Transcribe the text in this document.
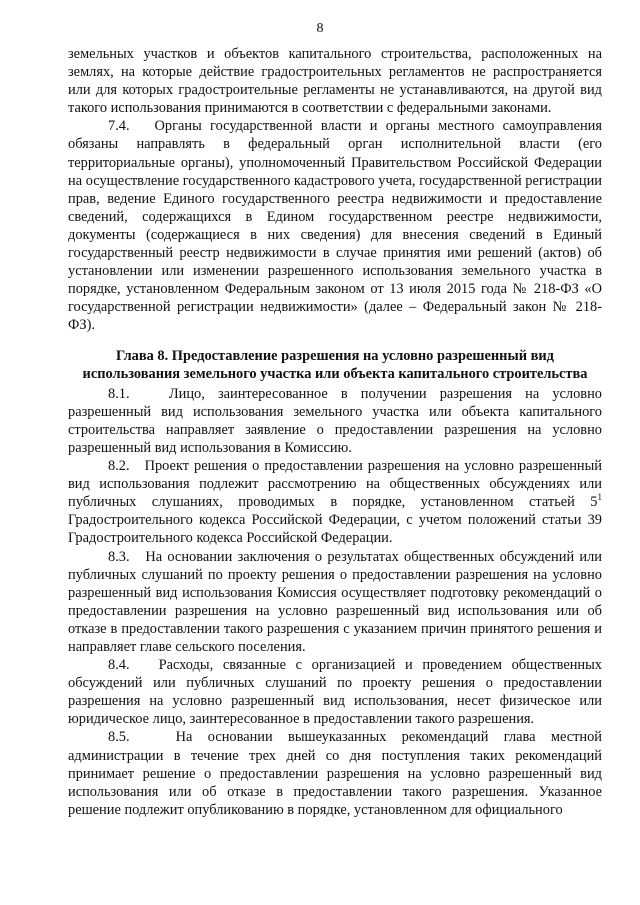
8

земельных участков и объектов капитального строительства, расположенных на землях, на которые действие градостроительных регламентов не распространяется или для которых градостроительные регламенты не устанавливаются, на другой вид такого использования принимаются в соответствии с федеральными законами.

7.4.   Органы государственной власти и органы местного самоуправления обязаны направлять в федеральный орган исполнительной власти (его территориальные органы), уполномоченный Правительством Российской Федерации на осуществление государственного кадастрового учета, государственной регистрации прав, ведение Единого государственного реестра недвижимости и предоставление сведений, содержащихся в Едином государственном реестре недвижимости, документы (содержащиеся в них сведения) для внесения сведений в Единый государственный реестр недвижимости в случае принятия ими решений (актов) об установлении или изменении разрешенного использования земельного участка в порядке, установленном Федеральным законом от 13 июля 2015 года № 218-ФЗ «О государственной регистрации недвижимости» (далее – Федеральный закон № 218-ФЗ).

Глава 8. Предоставление разрешения на условно разрешенный вид использования земельного участка или объекта капитального строительства

8.1.   Лицо, заинтересованное в получении разрешения на условно разрешенный вид использования земельного участка или объекта капитального строительства направляет заявление о предоставлении разрешения на условно разрешенный вид использования в Комиссию.

8.2.   Проект решения о предоставлении разрешения на условно разрешенный вид использования подлежит рассмотрению на общественных обсуждениях или публичных слушаниях, проводимых в порядке, установленном статьей $5^1$ Градостроительного кодекса Российской Федерации, с учетом положений статьи 39 Градостроительного кодекса Российской Федерации.

8.3.   На основании заключения о результатах общественных обсуждений или публичных слушаний по проекту решения о предоставлении разрешения на условно разрешенный вид использования Комиссия осуществляет подготовку рекомендаций о предоставлении разрешения на условно разрешенный вид использования или об отказе в предоставлении такого разрешения с указанием причин принятого решения и направляет главе сельского поселения.

8.4.   Расходы, связанные с организацией и проведением общественных обсуждений или публичных слушаний по проекту решения о предоставлении разрешения на условно разрешенный вид использования, несет физическое или юридическое лицо, заинтересованное в предоставлении такого разрешения.

8.5.   На основании вышеуказанных рекомендаций глава местной администрации в течение трех дней со дня поступления таких рекомендаций принимает решение о предоставлении разрешения на условно разрешенный вид использования или об отказе в предоставлении такого разрешения. Указанное решение подлежит опубликованию в порядке, установленном для официального
